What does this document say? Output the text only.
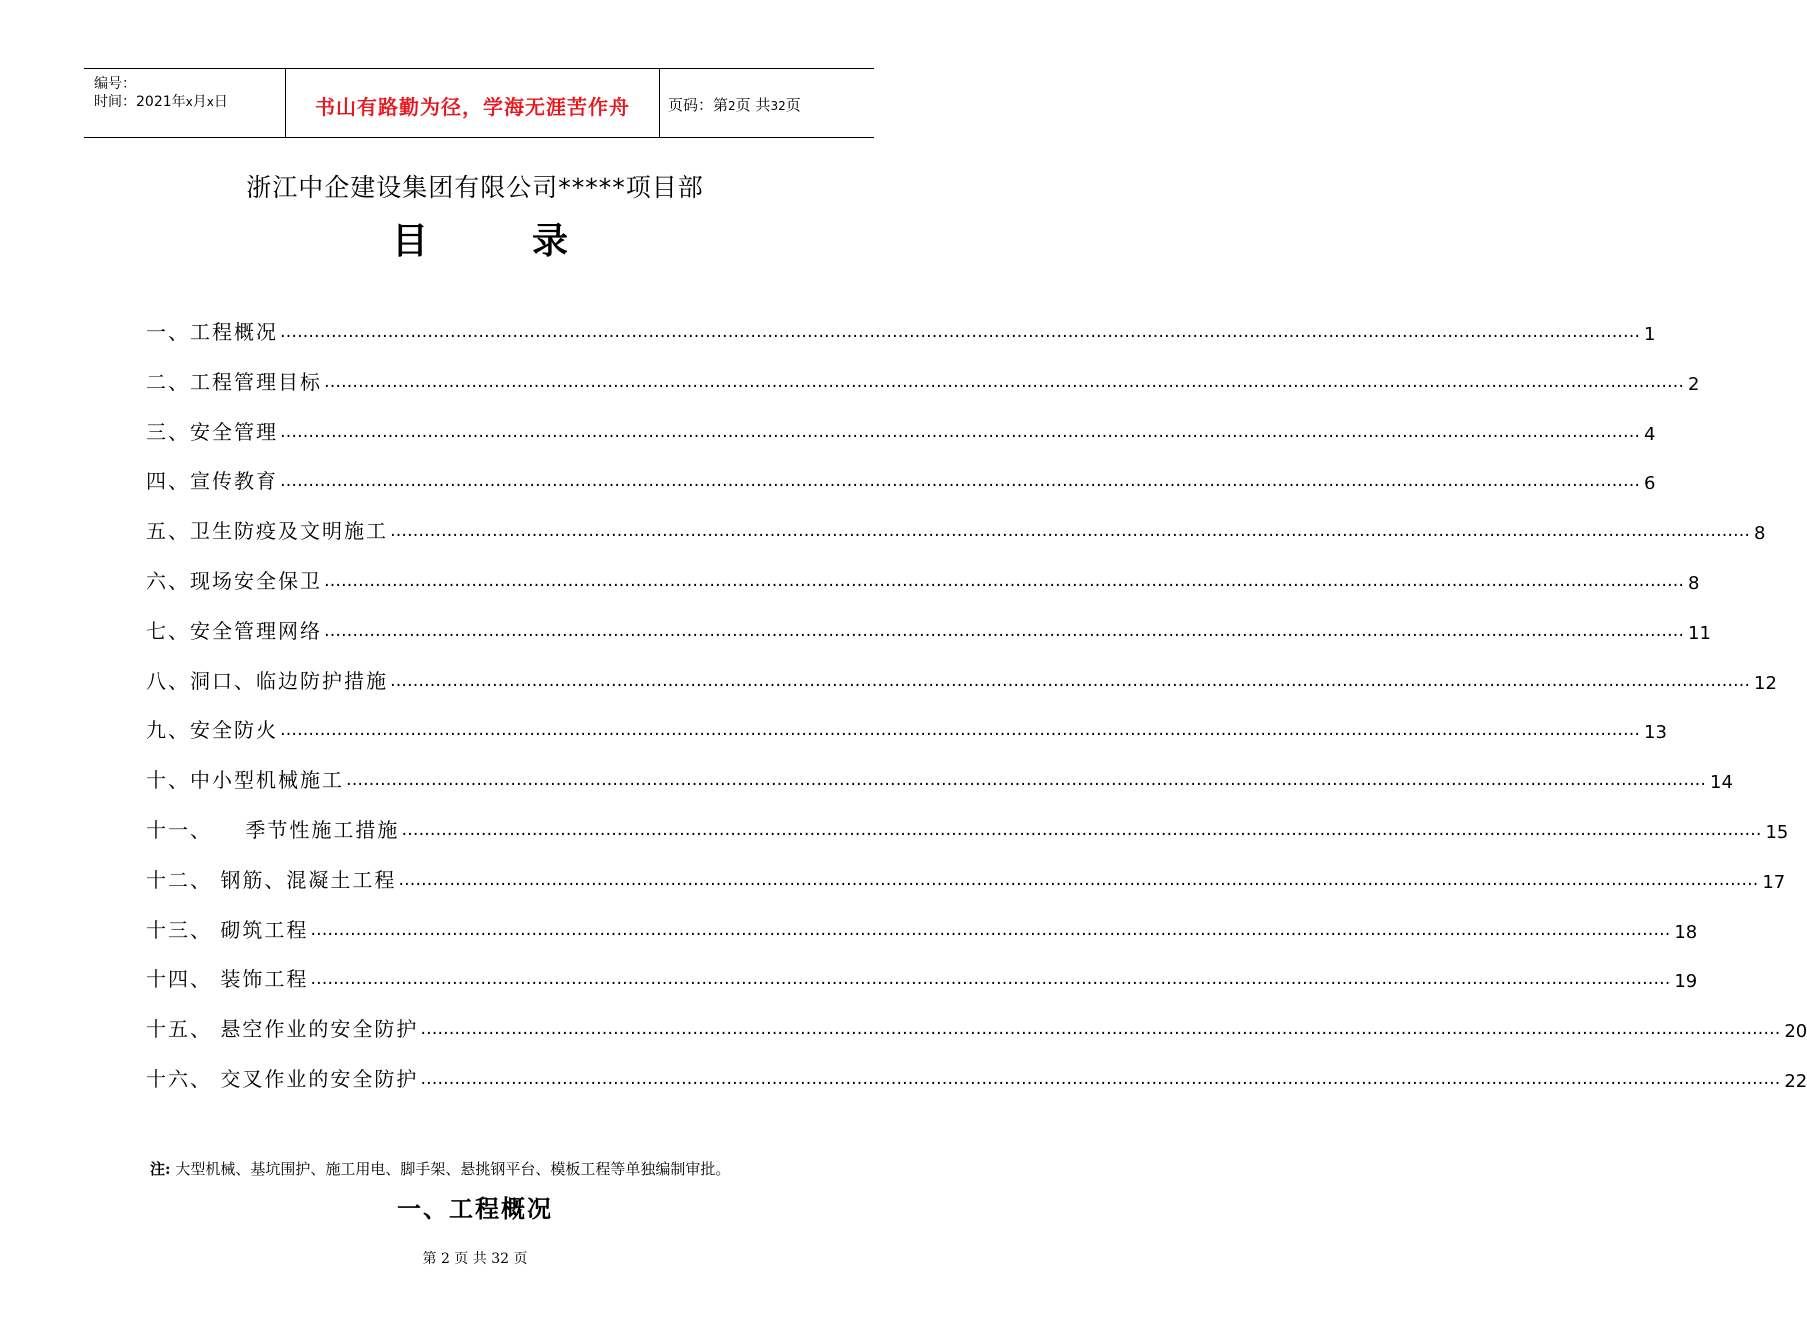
编号：
时间：2021年x月x日	书山有路勤为径，学海无涯苦作舟	页码：第2页 共32页
浙江中企建设集团有限公司*****项目部
目	录
一、工程概况 …………………………………………………………………………………………………………………………………………………………………………………………………………………… 1
二、工程管理目标 …………………………………………………………………………………………………………………………………………………………………………………………………………………… 2
三、安全管理 …………………………………………………………………………………………………………………………………………………………………………………………………………………… 4
四、宣传教育 …………………………………………………………………………………………………………………………………………………………………………………………………………………… 6
五、卫生防疫及文明施工 …………………………………………………………………………………………………………………………………………………………………………………………………………………… 8
六、现场安全保卫 …………………………………………………………………………………………………………………………………………………………………………………………………………………… 8
七、安全管理网络 …………………………………………………………………………………………………………………………………………………………………………………………………………………… 11
八、洞口、临边防护措施 …………………………………………………………………………………………………………………………………………………………………………………………………………………… 12
九、安全防火 …………………………………………………………………………………………………………………………………………………………………………………………………………………… 13
十、中小型机械施工 …………………………………………………………………………………………………………………………………………………………………………………………………………………… 14
十一、    季节性施工措施 …………………………………………………………………………………………………………………………………………………………………………………………………………………… 15
十二、 钢筋、混凝土工程 …………………………………………………………………………………………………………………………………………………………………………………………………………………… 17
十三、 砌筑工程 …………………………………………………………………………………………………………………………………………………………………………………………………………………… 18
十四、 装饰工程 …………………………………………………………………………………………………………………………………………………………………………………………………………………… 19
十五、 悬空作业的安全防护 …………………………………………………………………………………………………………………………………………………………………………………………………………………… 20
十六、 交叉作业的安全防护 …………………………………………………………………………………………………………………………………………………………………………………………………………………… 22
注: 大型机械、基坑围护、施工用电、脚手架、悬挑钢平台、模板工程等单独编制审批。
一、工程概况
第 2 页 共 32 页
